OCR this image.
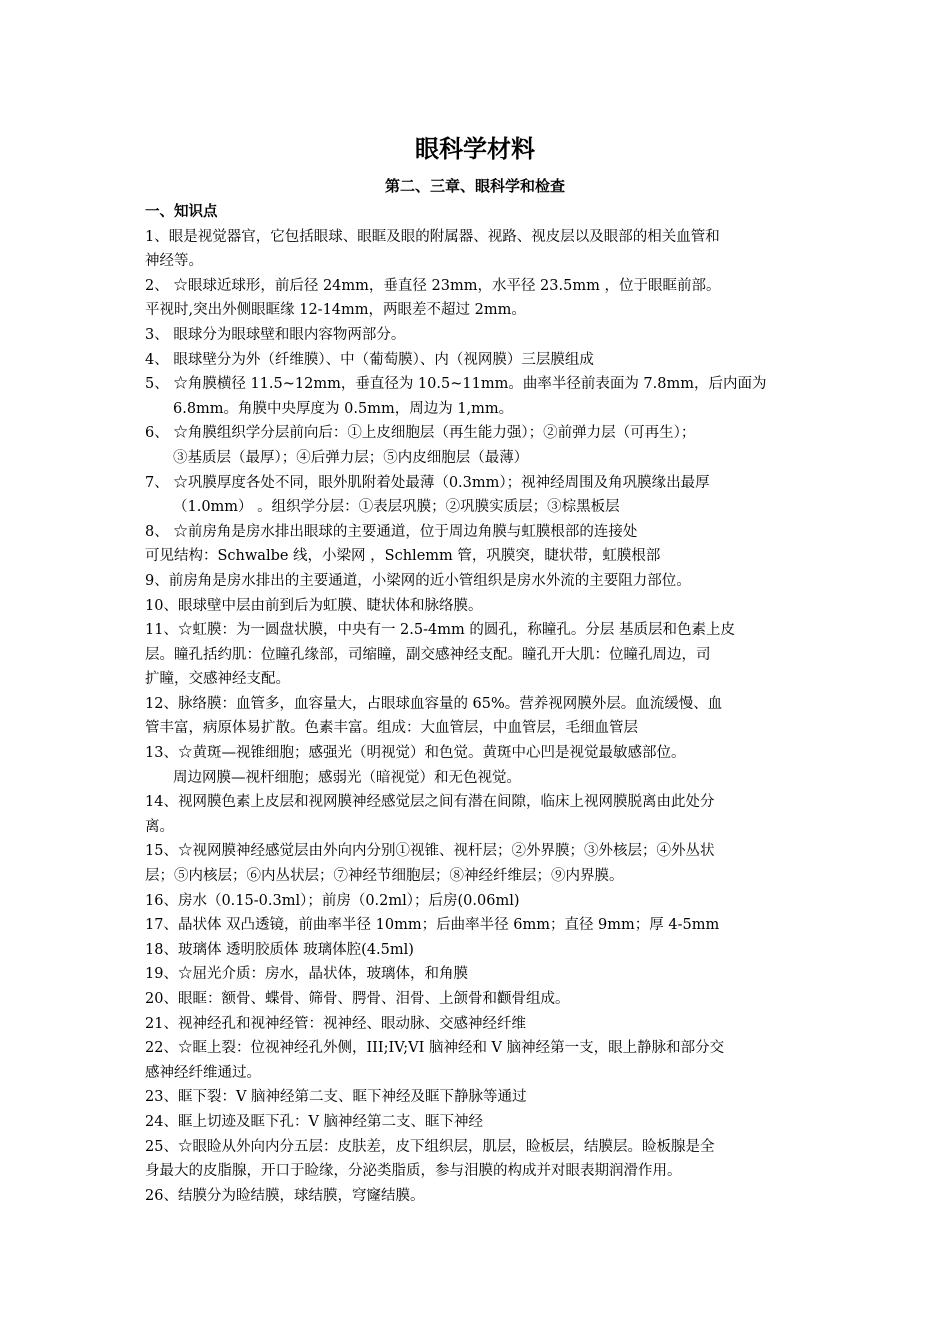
眼科学材料
第二、三章、眼科学和检查

一、知识点

1、眼是视觉器官，它包括眼球、眼眶及眼的附属器、视路、视皮层以及眼部的相关血管和

神经等。

2、 ☆眼球近球形，前后径 24mm，垂直径 23mm，水平径 23.5mm ，位于眼眶前部。

平视时,突出外侧眼眶缘 12-14mm，两眼差不超过 2mm。

3、 眼球分为眼球壁和眼内容物两部分。

4、 眼球壁分为外（纤维膜）、中（葡萄膜）、内（视网膜）三层膜组成

5、 ☆角膜横径 11.5~12mm，垂直径为 10.5~11mm。曲率半径前表面为 7.8mm，后内面为

6.8mm。角膜中央厚度为 0.5mm，周边为 1,mm。

6、 ☆角膜组织学分层前向后：①上皮细胞层（再生能力强）；②前弹力层（可再生）；

③基质层（最厚）；④后弹力层；⑤内皮细胞层（最薄）

7、 ☆巩膜厚度各处不同，眼外肌附着处最薄（0.3mm）；视神经周围及角巩膜缘出最厚

（1.0mm） 。组织学分层：①表层巩膜；②巩膜实质层；③棕黑板层

8、 ☆前房角是房水排出眼球的主要通道，位于周边角膜与虹膜根部的连接处

可见结构：Schwalbe 线，小梁网 ，Schlemm 管，巩膜突，睫状带，虹膜根部

9、前房角是房水排出的主要通道，小梁网的近小管组织是房水外流的主要阻力部位。

10、眼球壁中层由前到后为虹膜、睫状体和脉络膜。

11、☆虹膜：为一圆盘状膜，中央有一 2.5-4mm 的圆孔，称瞳孔。分层 基质层和色素上皮

层。瞳孔括约肌：位瞳孔缘部，司缩瞳，副交感神经支配。瞳孔开大肌：位瞳孔周边，司

扩瞳，交感神经支配。

12、脉络膜：血管多，血容量大，占眼球血容量的 65%。营养视网膜外层。血流缓慢、血

管丰富，病原体易扩散。色素丰富。组成：大血管层，中血管层，毛细血管层

13、☆黄斑—视锥细胞；感强光（明视觉）和色觉。黄斑中心凹是视觉最敏感部位。

周边网膜—视杆细胞；感弱光（暗视觉）和无色视觉。

14、视网膜色素上皮层和视网膜神经感觉层之间有潜在间隙，临床上视网膜脱离由此处分

离。

15、☆视网膜神经感觉层由外向内分别①视锥、视杆层；②外界膜；③外核层；④外丛状

层；⑤内核层；⑥内丛状层；⑦神经节细胞层；⑧神经纤维层；⑨内界膜。

16、房水（0.15-0.3ml）；前房（0.2ml）；后房(0.06ml)

17、晶状体 双凸透镜，前曲率半径 10mm；后曲率半径 6mm；直径 9mm；厚 4-5mm

18、玻璃体 透明胶质体 玻璃体腔(4.5ml)

19、☆屈光介质：房水，晶状体，玻璃体，和角膜

20、眼眶：额骨、蝶骨、筛骨、腭骨、泪骨、上颌骨和颧骨组成。

21、视神经孔和视神经管：视神经、眼动脉、交感神经纤维

22、☆眶上裂：位视神经孔外侧，III;IV;VI 脑神经和 V 脑神经第一支，眼上静脉和部分交

感神经纤维通过。

23、眶下裂：V 脑神经第二支、眶下神经及眶下静脉等通过

24、眶上切迹及眶下孔：V 脑神经第二支、眶下神经

25、☆眼睑从外向内分五层：皮肤差，皮下组织层，肌层，睑板层，结膜层。睑板腺是全

身最大的皮脂腺，开口于睑缘，分泌类脂质，参与泪膜的构成并对眼表期润滑作用。

26、结膜分为睑结膜，球结膜，穹窿结膜。
